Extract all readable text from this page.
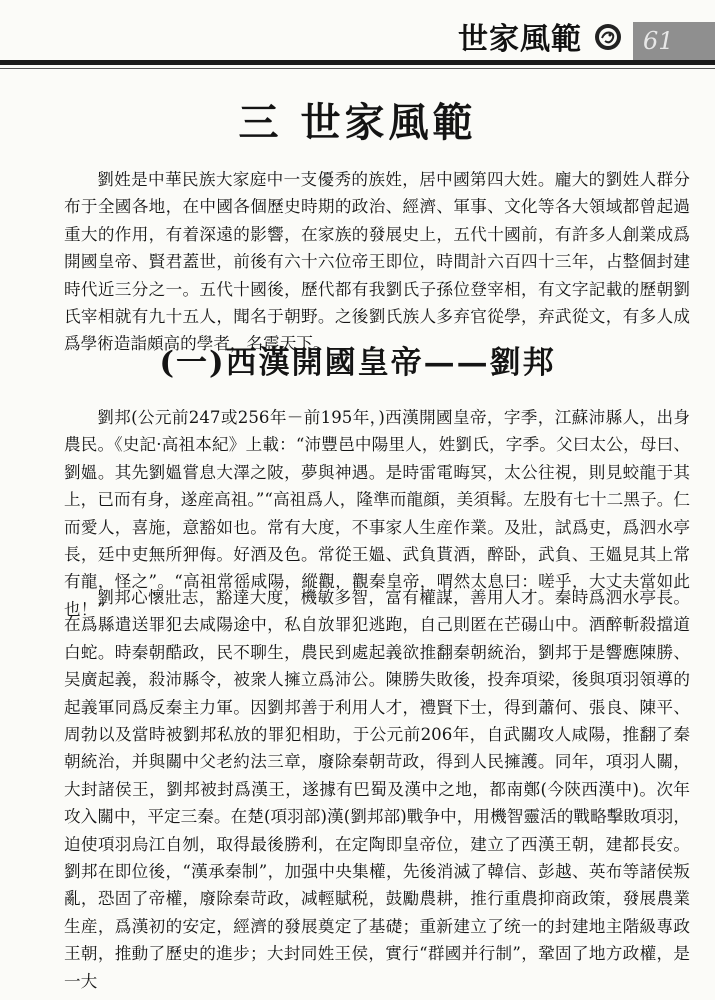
世家風範	61
三 世家風範

劉姓是中華民族大家庭中一支優秀的族姓，居中國第四大姓。龐大的劉姓人群分布于全國各地，在中國各個歷史時期的政治、經濟、軍事、文化等各大領域都曾起過重大的作用，有着深遠的影響，在家族的發展史上，五代十國前，有許多人創業成爲開國皇帝、賢君蓋世，前後有六十六位帝王即位，時間計六百四十三年，占整個封建時代近三分之一。五代十國後，歷代都有我劉氏子孫位登宰相，有文字記載的歷朝劉氏宰相就有九十五人，聞名于朝野。之後劉氏族人多弃官從學，弃武從文，有多人成爲學術造詣頗高的學者，名震天下。

(一)西漢開國皇帝——劉邦

劉邦(公元前247或256年－前195年，)西漢開國皇帝，字季，江蘇沛縣人，出身農民。《史記·高祖本紀》上載：“沛豐邑中陽里人，姓劉氏，字季。父曰太公，母曰、劉媼。其先劉媼嘗息大澤之陂，夢與神遇。是時雷電晦冥，太公往視，則見蛟龍于其上，已而有身，遂産高祖。”“高祖爲人，隆準而龍顔，美須髯。左股有七十二黑子。仁而愛人，喜施，意豁如也。常有大度，不事家人生産作業。及壯，試爲吏，爲泗水亭長，廷中吏無所狎侮。好酒及色。常從王媼、武負貰酒，醉卧，武負、王媼見其上常有龍，怪之”。“高祖常徭咸陽，縱觀，觀秦皇帝，喟然太息曰：嗟乎，大丈夫當如此也！”

劉邦心懷壯志，豁達大度，機敏多智，富有權謀，善用人才。秦時爲泗水亭長。在爲縣遣送罪犯去咸陽途中，私自放罪犯逃跑，自己則匿在芒碭山中。酒醉斬殺擋道白蛇。時秦朝酷政，民不聊生，農民到處起義欲推翻秦朝統治，劉邦于是響應陳勝、吴廣起義，殺沛縣令，被衆人擁立爲沛公。陳勝失敗後，投奔項梁，後與項羽領導的起義軍同爲反秦主力軍。因劉邦善于利用人才，禮賢下士，得到蕭何、張良、陳平、周勃以及當時被劉邦私放的罪犯相助，于公元前206年，自武關攻人咸陽，推翻了秦朝統治，并與關中父老約法三章，廢除秦朝苛政，得到人民擁護。同年，項羽人關，大封諸侯王，劉邦被封爲漢王，遂據有巴蜀及漢中之地，都南鄭(今陝西漢中)。次年攻入關中，平定三秦。在楚(項羽部)漢(劉邦部)戰争中，用機智靈活的戰略擊敗項羽，迫使項羽烏江自刎，取得最後勝利，在定陶即皇帝位，建立了西漢王朝，建都長安。劉邦在即位後，“漢承秦制”，加强中央集權，先後消滅了韓信、彭越、英布等諸侯叛亂，恐固了帝權，廢除秦苛政，减輕賦税，鼓勵農耕，推行重農抑商政策，發展農業生産，爲漢初的安定，經濟的發展奠定了基礎；重新建立了统一的封建地主階級專政王朝，推動了歷史的進步；大封同姓王侯，實行“群國并行制”，鞏固了地方政權，是一大
